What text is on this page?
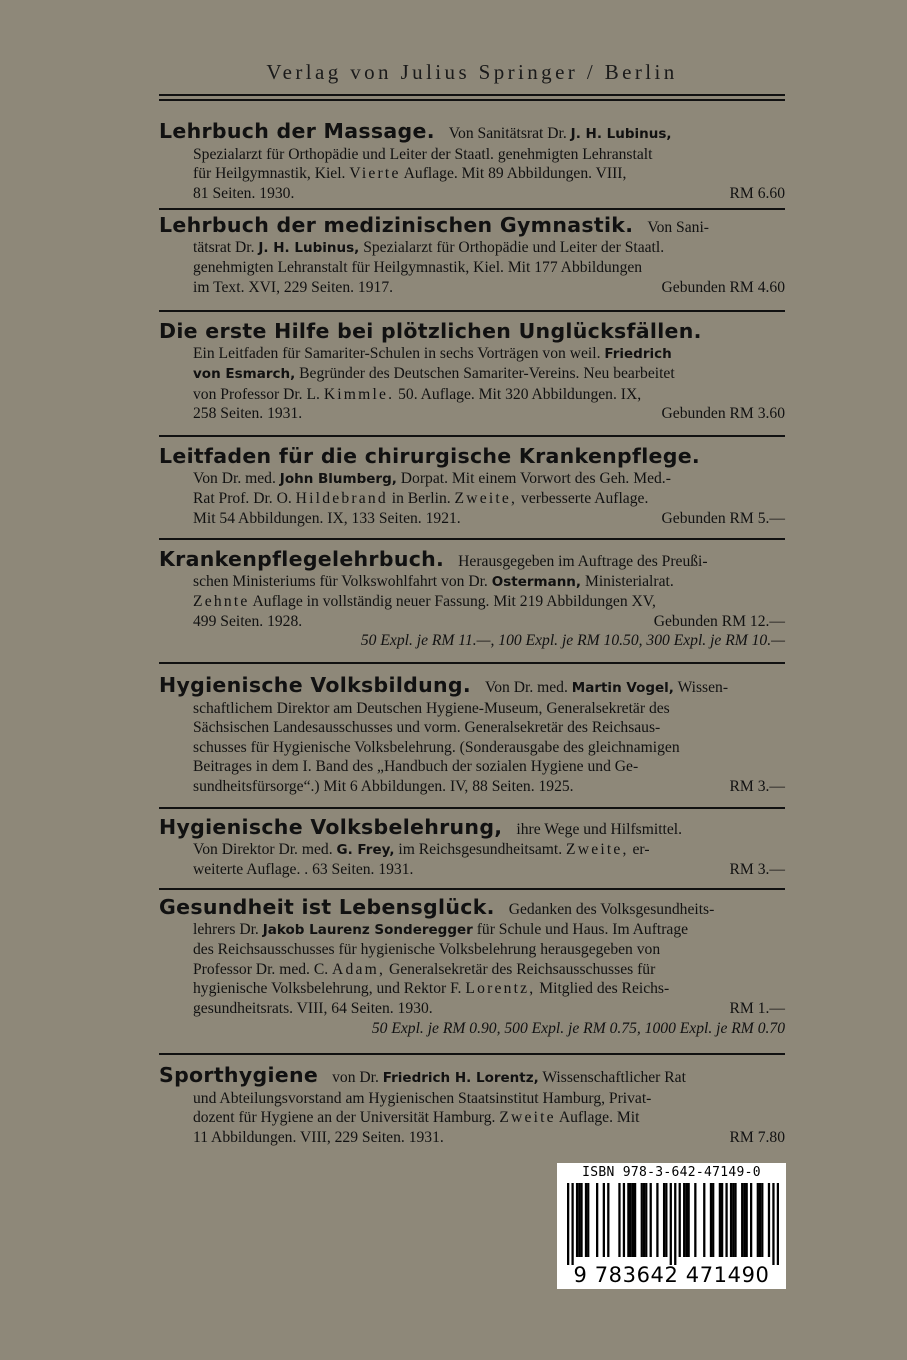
Verlag von Julius Springer / Berlin
Lehrbuch der Massage. Von Sanitätsrat Dr. J. H. Lubinus,
Spezialarzt für Orthopädie und Leiter der Staatl. genehmigten Lehranstalt
für Heilgymnastik, Kiel. Vierte Auflage. Mit 89 Abbildungen. VIII,
81 Seiten. 1930.	RM 6.60
Lehrbuch der medizinischen Gymnastik. Von Sani-
tätsrat Dr. J. H. Lubinus, Spezialarzt für Orthopädie und Leiter der Staatl.
genehmigten Lehranstalt für Heilgymnastik, Kiel. Mit 177 Abbildungen
im Text. XVI, 229 Seiten. 1917.	Gebunden RM 4.60
Die erste Hilfe bei plötzlichen Unglücksfällen.
Ein Leitfaden für Samariter-Schulen in sechs Vorträgen von weil. Friedrich
von Esmarch, Begründer des Deutschen Samariter-Vereins. Neu bearbeitet
von Professor Dr. L. Kimmle. 50. Auflage. Mit 320 Abbildungen. IX,
258 Seiten. 1931.	Gebunden RM 3.60
Leitfaden für die chirurgische Krankenpflege.
Von Dr. med. John Blumberg, Dorpat. Mit einem Vorwort des Geh. Med.-
Rat Prof. Dr. O. Hildebrand in Berlin. Zweite, verbesserte Auflage.
Mit 54 Abbildungen. IX, 133 Seiten. 1921.	Gebunden RM 5.—
Krankenpflegelehrbuch. Herausgegeben im Auftrage des Preußi-
schen Ministeriums für Volkswohlfahrt von Dr. Ostermann, Ministerialrat.
Zehnte Auflage in vollständig neuer Fassung. Mit 219 Abbildungen XV,
499 Seiten. 1928.	Gebunden RM 12.—
50 Expl. je RM 11.—, 100 Expl. je RM 10.50, 300 Expl. je RM 10.—
Hygienische Volksbildung. Von Dr. med. Martin Vogel, Wissen-
schaftlichem Direktor am Deutschen Hygiene-Museum, Generalsekretär des
Sächsischen Landesausschusses und vorm. Generalsekretär des Reichsaus-
schusses für Hygienische Volksbelehrung. (Sonderausgabe des gleichnamigen
Beitrages in dem I. Band des „Handbuch der sozialen Hygiene und Ge-
sundheitsfürsorge“.) Mit 6 Abbildungen. IV, 88 Seiten. 1925.	RM 3.—
Hygienische Volksbelehrung, ihre Wege und Hilfsmittel.
Von Direktor Dr. med. G. Frey, im Reichsgesundheitsamt. Zweite, er-
weiterte Auflage. . 63 Seiten. 1931.	RM 3.—
Gesundheit ist Lebensglück. Gedanken des Volksgesundheits-
lehrers Dr. Jakob Laurenz Sonderegger für Schule und Haus. Im Auftrage
des Reichsausschusses für hygienische Volksbelehrung herausgegeben von
Professor Dr. med. C. Adam, Generalsekretär des Reichsausschusses für
hygienische Volksbelehrung, und Rektor F. Lorentz, Mitglied des Reichs-
gesundheitsrats. VIII, 64 Seiten. 1930.	RM 1.—
50 Expl. je RM 0.90, 500 Expl. je RM 0.75, 1000 Expl. je RM 0.70
Sporthygiene von Dr. Friedrich H. Lorentz, Wissenschaftlicher Rat
und Abteilungsvorstand am Hygienischen Staatsinstitut Hamburg, Privat-
dozent für Hygiene an der Universität Hamburg. Zweite Auflage. Mit
11 Abbildungen. VIII, 229 Seiten. 1931.	RM 7.80
ISBN 978-3-642-47149-0
9 783642 471490
